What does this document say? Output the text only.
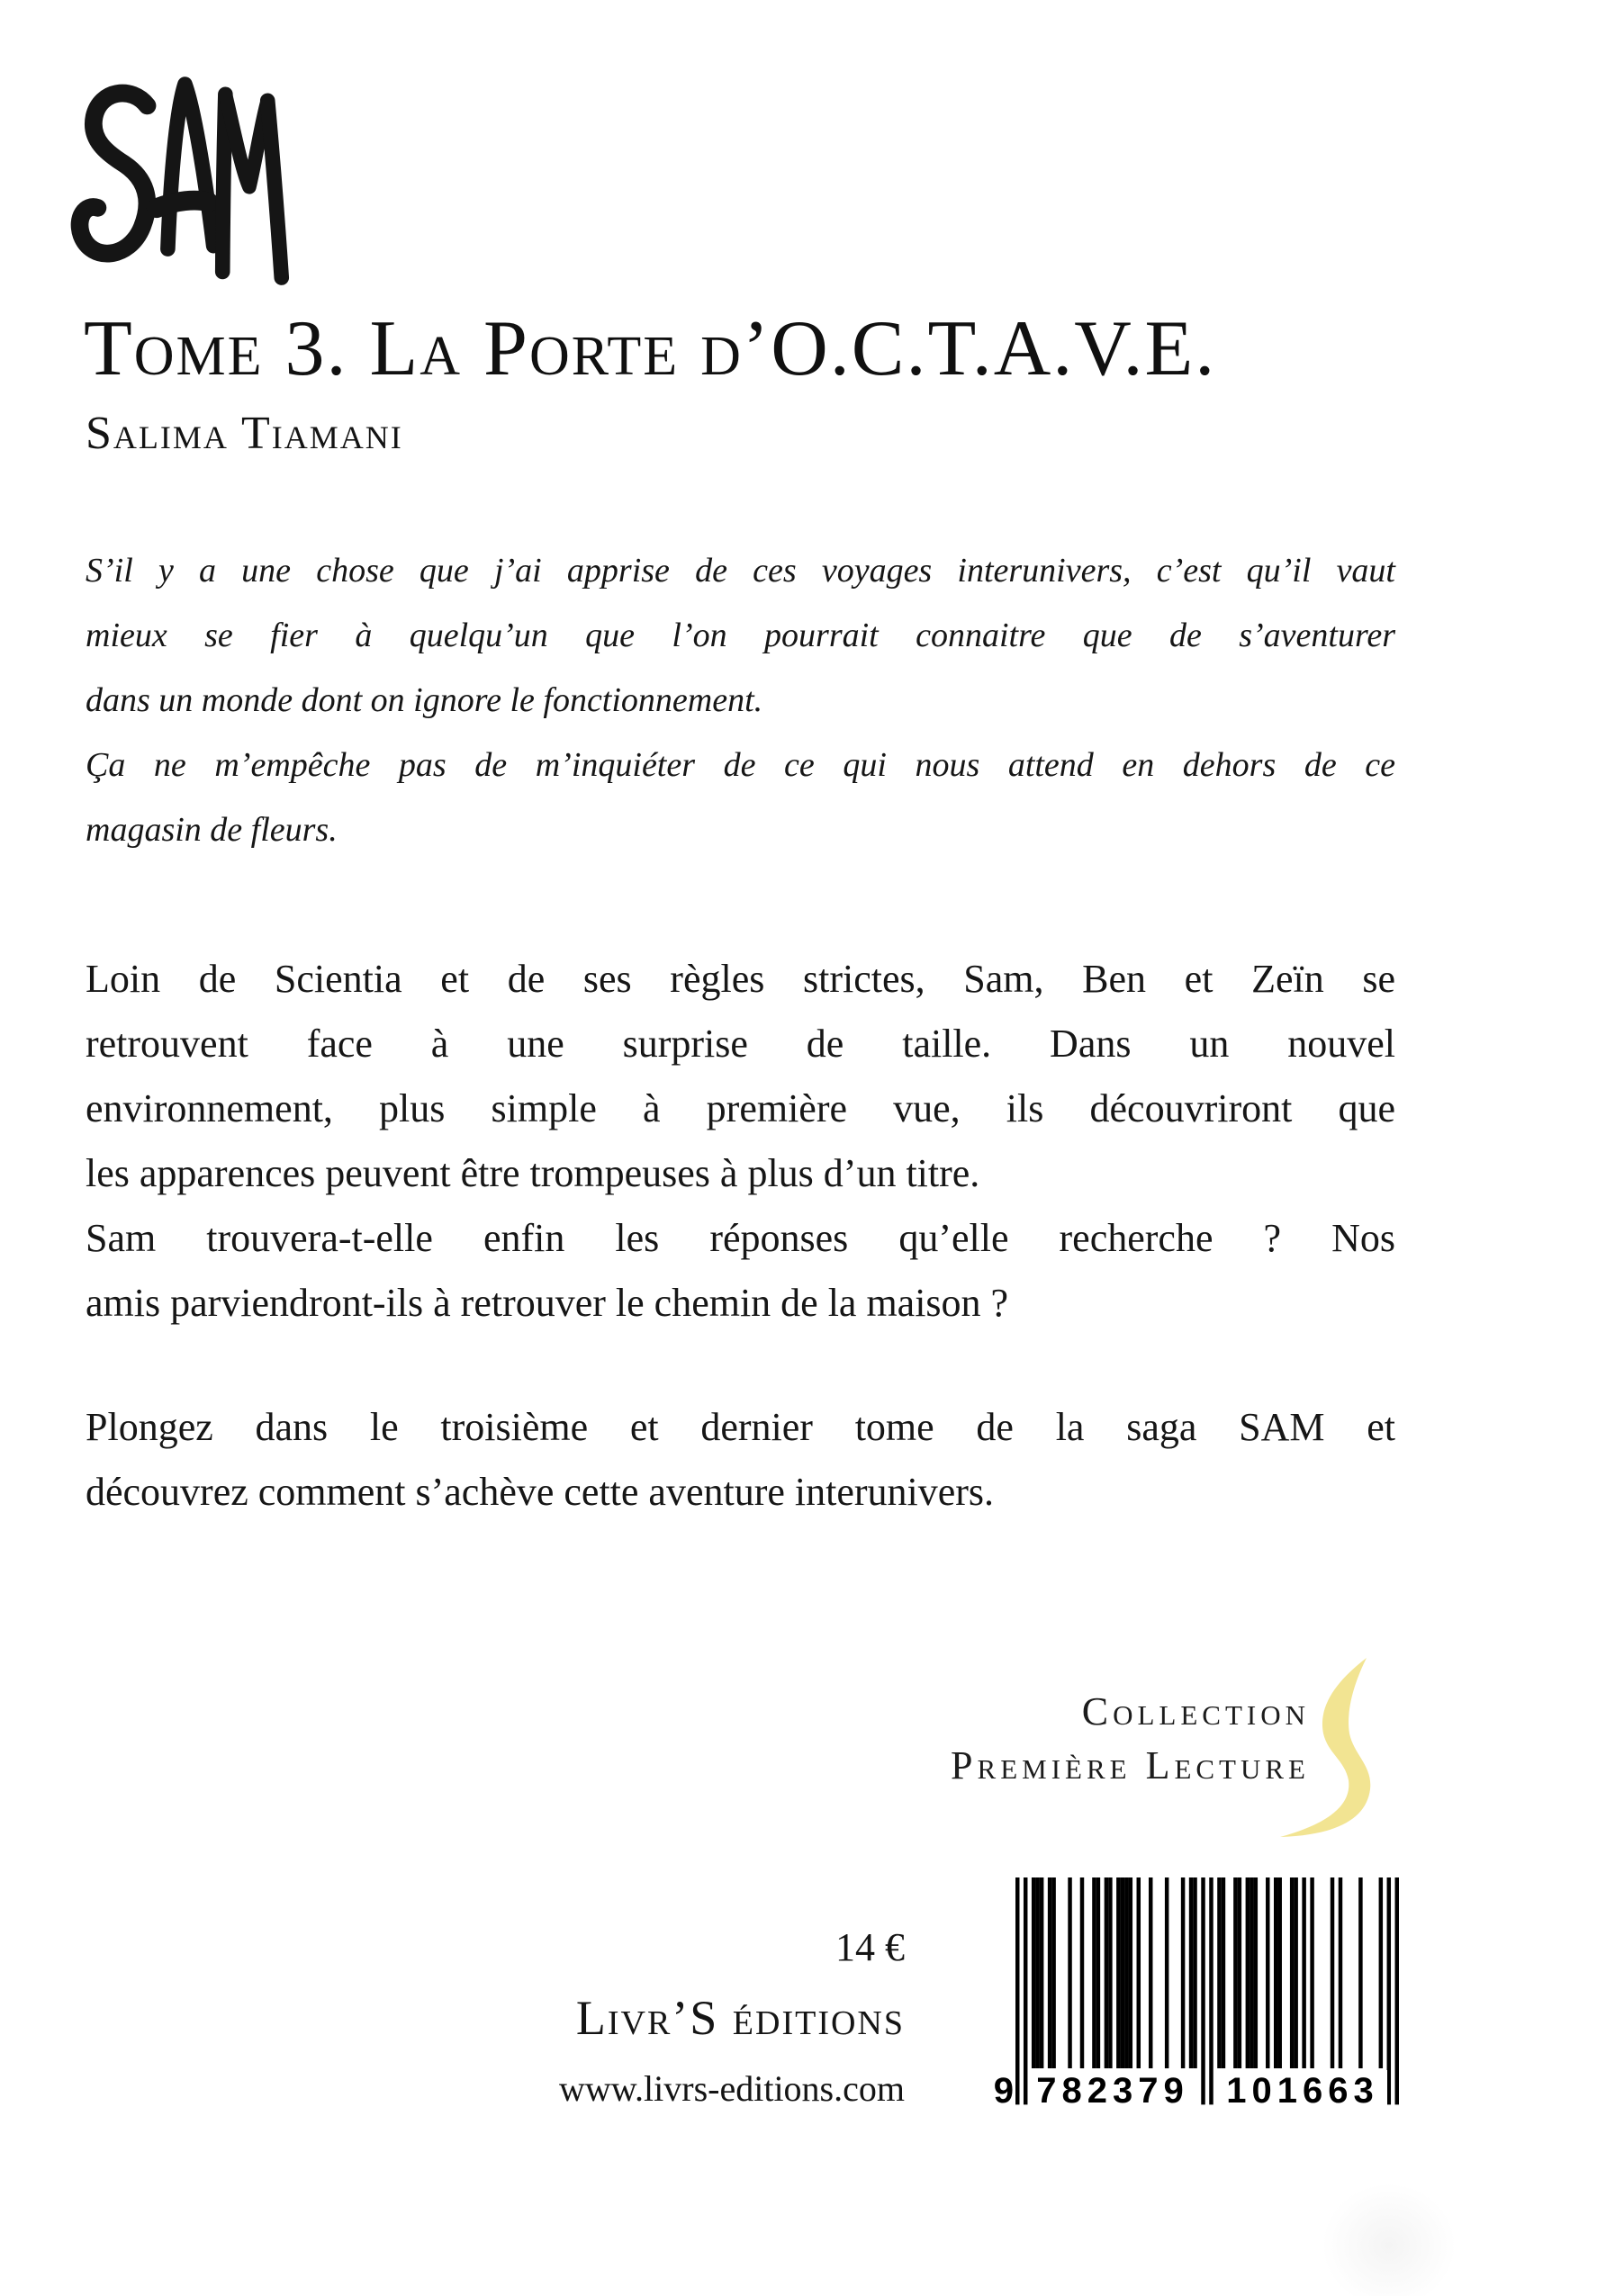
Tome 3. La Porte d’O.C.T.A.V.E.
Salima Tiamani
S’il y a une chose que j’ai apprise de ces voyages interunivers, c’est qu’il vaut
mieux se fier à quelqu’un que l’on pourrait connaitre que de s’aventurer
dans un monde dont on ignore le fonctionnement.
Ça ne m’empêche pas de m’inquiéter de ce qui nous attend en dehors de ce
magasin de fleurs.
Loin de Scientia et de ses règles strictes, Sam, Ben et Zeïn se
retrouvent face à une surprise de taille. Dans un nouvel
environnement, plus simple à première vue, ils découvriront que
les apparences peuvent être trompeuses à plus d’un titre.
Sam trouvera-t-elle enfin les réponses qu’elle recherche ? Nos
amis parviendront-ils à retrouver le chemin de la maison ?
Plongez dans le troisième et dernier tome de la saga SAM et
découvrez comment s’achève cette aventure interunivers.
Collection
Première Lecture
14 €
Livr’S éditions
www.livrs-editions.com	9 782379 101663
